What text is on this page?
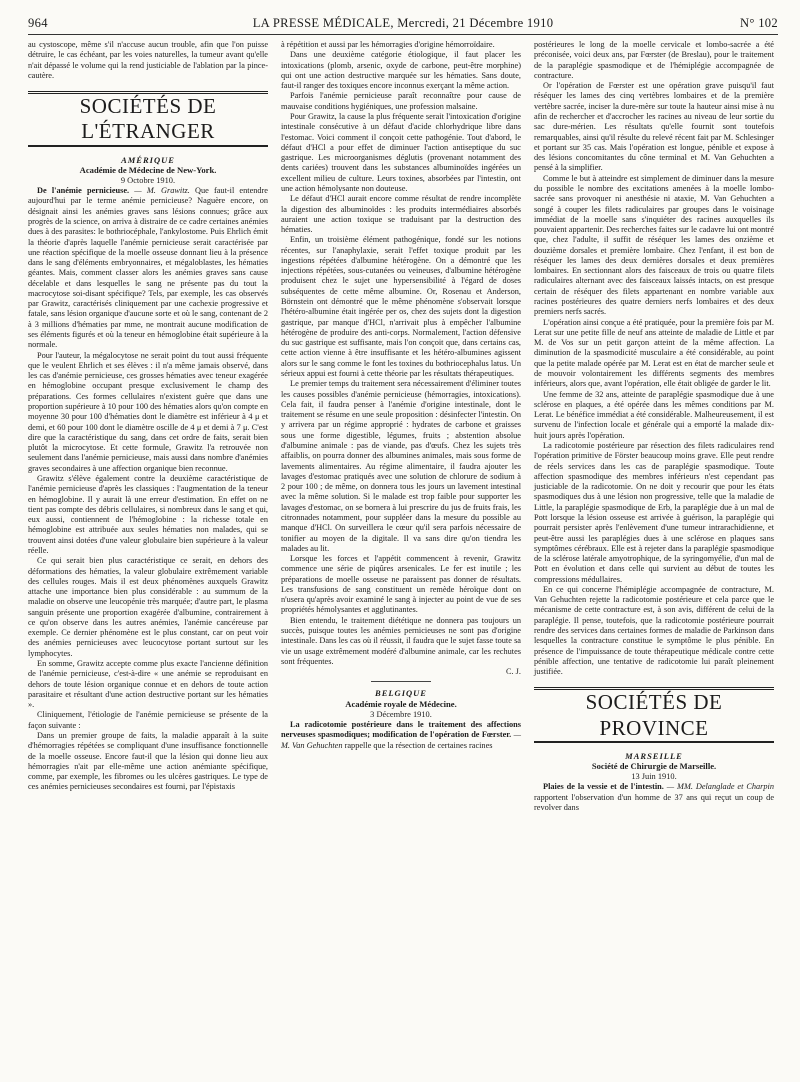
964	LA PRESSE MÉDICALE, Mercredi, 21 Décembre 1910	N° 102

au cystoscope, même s'il n'accuse aucun trouble, afin que l'on puisse détruire, le cas échéant, par les voies naturelles, la tumeur avant qu'elle n'ait dépassé le volume qui la rend justiciable de l'ablation par la pince-cautère.

SOCIÉTÉS DE L'ÉTRANGER

AMÉRIQUE

Académie de Médecine de New-York.

9 Octobre 1910.

De l'anémie pernicieuse. — M. Grawitz. Que faut-il entendre aujourd'hui par le terme anémie pernicieuse? Naguère encore, on désignait ainsi les anémies graves sans lésions connues; grâce aux progrès de la science, on arriva à distraire de ce cadre certaines anémies dues à des parasites: le bothriocéphale, l'ankylostome. Puis Ehrlich émit la théorie d'après laquelle l'anémie pernicieuse serait caractérisée par une réaction spécifique de la moelle osseuse donnant lieu à la présence dans le sang d'éléments embryonnaires, et mégaloblastes, les hématies géantes. Mais, comment classer alors les anémies graves sans cause décelable et dans lesquelles le sang ne présente pas du tout la macrocytose soi-disant spécifique? Tels, par exemple, les cas observés par Grawitz, caractérisés cliniquement par une cachexie progressive et fatale, sans lésion organique d'aucune sorte et où le sang, contenant de 2 à 3 millions d'hématies par mme, ne montrait aucune modification de ses éléments figurés et où la teneur en hémoglobine était supérieure à la normale.

Pour l'auteur, la mégalocytose ne serait point du tout aussi fréquente que le veulent Ehrlich et ses élèves : il n'a même jamais observé, dans les cas d'anémie pernicieuse, ces grosses hématies avec teneur exagérée en hémoglobine occupant presque exclusivement le champ des préparations. Ces formes cellulaires n'existent guère que dans une proportion supérieure à 10 pour 100 des hématies alors qu'on compte en moyenne 30 pour 100 d'hématies dont le diamètre est inférieur à 4 μ et demi, et 60 pour 100 dont le diamètre oscille de 4 μ et demi à 7 μ. C'est dire que la caractéristique du sang, dans cet ordre de faits, serait bien plutôt la microcytose. Et cette formule, Grawitz l'a retrouvée non seulement dans l'anémie pernicieuse, mais aussi dans nombre d'anémies graves secondaires à une affection organique bien reconnue.

Grawitz s'élève également contre la deuxième caractéristique de l'anémie pernicieuse d'après les classiques : l'augmentation de la teneur en hémoglobine. Il y aurait là une erreur d'estimation. En effet on ne tient pas compte des débris cellulaires, si nombreux dans le sang et qui, eux aussi, contiennent de l'hémoglobine : la richesse totale en hémoglobine est attribuée aux seules hématies non malades, qui se trouvent ainsi dotées d'une valeur globulaire bien supérieure à la valeur réelle.

Ce qui serait bien plus caractéristique ce serait, en dehors des déformations des hématies, la valeur globulaire extrêmement variable des cellules rouges. Mais il est deux phénomènes auxquels Grawitz attache une importance bien plus considérable : au summum de la maladie on observe une leucopénie très marquée; d'autre part, le plasma sanguin présente une proportion exagérée d'albumine, contrairement à ce qu'on observe dans les autres anémies, l'anémie cancéreuse par exemple. Ce dernier phénomène est le plus constant, car on peut voir des anémies pernicieuses avec leucocytose portant surtout sur les lymphocytes.

En somme, Grawitz accepte comme plus exacte l'ancienne définition de l'anémie pernicieuse, c'est-à-dire « une anémie se reproduisant en dehors de toute lésion organique connue et en dehors de toute action parasitaire et résultant d'une action destructive portant sur les hématies ».

Cliniquement, l'étiologie de l'anémie pernicieuse se présente de la façon suivante :

Dans un premier groupe de faits, la maladie apparaît à la suite d'hémorragies répétées se compliquant d'une insuffisance fonctionnelle de la moelle osseuse. Encore faut-il que la lésion qui donne lieu aux hémorragies n'ait par elle-même une action anémiante spécifique, comme, par exemple, les fibromes ou les ulcères gastriques. Le type de ces anémies pernicieuses secondaires est fourni, par l'épistaxis

à répétition et aussi par les hémorragies d'origine hémorroïdaire.

Dans une deuxième catégorie étiologique, il faut placer les intoxications (plomb, arsenic, oxyde de carbone, peut-être morphine) qui ont une action destructive marquée sur les hématies. Sans doute, faut-il ranger des toxiques encore inconnus exerçant la même action.

Parfois l'anémie pernicieuse paraît reconnaître pour cause de mauvaise conditions hygiéniques, une profession malsaine.

Pour Grawitz, la cause la plus fréquente serait l'intoxication d'origine intestinale consécutive à un défaut d'acide chlorhydrique libre dans l'estomac. Voici comment il conçoit cette pathogénie. Tout d'abord, le défaut d'HCl a pour effet de diminuer l'action antiseptique du suc gastrique. Les microorganismes déglutis (provenant notamment des dents cariées) trouvent dans les substances albuminoïdes ingérées un excellent milieu de culture. Leurs toxines, absorbées par l'intestin, ont une action hémolysante non douteuse.

Le défaut d'HCl aurait encore comme résultat de rendre incomplète la digestion des albuminoïdes : les produits intermédiaires absorbés auraient une action toxique se traduisant par la destruction des hématies.

Enfin, un troisième élément pathogénique, fondé sur les notions récentes, sur l'anaphylaxie, serait l'effet toxique produit par les ingestions répétées d'albumine hétérogène. On a démontré que les injections répétées, sous-cutanées ou veineuses, d'albumine hétérogène produisent chez le sujet une hypersensibilité à l'égard de doses subséquentes de cette même albumine. Or, Rosenau et Anderson, Börnstein ont démontré que le même phénomène s'observait lorsque l'hétéro-albumine était ingérée per os, chez des sujets dont la digestion gastrique, par manque d'HCl, n'arrivait plus à empêcher l'albumine hétérogène de produire des anti-corps. Normalement, l'action défensive du suc gastrique est suffisante, mais l'on conçoit que, dans certains cas, cette action vienne à être insuffisante et les hétéro-albumines agissent alors sur le sang comme le font les toxines du bothriocephalus latus. Un sérieux appui est fourni à cette théorie par les résultats thérapeutiques.

Le premier temps du traitement sera nécessairement d'éliminer toutes les causes possibles d'anémie pernicieuse (hémorragies, intoxications). Cela fait, il faudra penser à l'anémie d'origine intestinale, dont le traitement se résume en une seule proposition : désinfecter l'intestin. On y arrivera par un régime approprié : hydrates de carbone et graisses sous une forme digestible, légumes, fruits ; abstention absolue d'albumine animale : pas de viande, pas d'œufs. Chez les sujets très affaiblis, on pourra donner des albumines animales, mais sous forme de lavements alimentaires. Au régime alimentaire, il faudra ajouter les lavages d'estomac pratiqués avec une solution de chlorure de sodium à 2 pour 100 ; de même, on donnera tous les jours un lavement intestinal avec la même solution. Si le malade est trop faible pour supporter les lavages d'estomac, on se bornera à lui prescrire du jus de fruits frais, les citronnades notamment, pour suppléer dans la mesure du possible au manque d'HCl. On surveillera le cœur qu'il sera parfois nécessaire de tonifier au moyen de la digitale. Il va sans dire qu'on tiendra les malades au lit.

Lorsque les forces et l'appétit commencent à revenir, Grawitz commence une série de piqûres arsenicales. Le fer est inutile ; les préparations de moelle osseuse ne paraissent pas donner de résultats. Les transfusions de sang constituent un remède héroïque dont on n'userа qu'après avoir examiné le sang à injecter au point de vue de ses propriétés hémolysantes et agglutinantes.

Bien entendu, le traitement diététique ne donnera pas toujours un succès, puisque toutes les anémies pernicieuses ne sont pas d'origine intestinale. Dans les cas où il réussit, il faudra que le sujet fasse toute sa vie un usage extrêmement modéré d'albumine animale, car les rechutes sont fréquentes.

C. J.

BELGIQUE

Académie royale de Médecine.

3 Décembre 1910.

La radicotomie postérieure dans le traitement des affections nerveuses spasmodiques; modification de l'opération de Fœrster. — M. Van Gehuchten rappelle que la résection de certaines racines

postérieures le long de la moelle cervicale et lombo-sacrée a été préconisée, voici deux ans, par Fœrster (de Breslau), pour le traitement de la paraplégie spasmodique et de l'hémiplégie accompagnée de contracture.

Or l'opération de Fœrster est une opération grave puisqu'il faut réséquer les lames des cinq vertèbres lombaires et de la première vertèbre sacrée, inciser la dure-mère sur toute la hauteur ainsi mise à nu afin de rechercher et d'accrocher les racines au niveau de leur sortie du sac dure-mérien. Les résultats qu'elle fournit sont toutefois remarquables, ainsi qu'il résulte du relevé récent fait par M. Schlesinger et portant sur 35 cas. Mais l'opération est longue, pénible et expose à des lésions concomitantes du cône terminal et M. Van Gehuchten a pensé à la simplifier.

Comme le but à atteindre est simplement de diminuer dans la mesure du possible le nombre des excitations amenées à la moelle lombo-sacrée sans provoquer ni anesthésie ni ataxie, M. Van Gehuchten a songé à couper les filets radiculaires par groupes dans le voisinage immédiat de la moelle sans s'inquiéter des racines auxquelles ils pouvaient appartenir. Des recherches faites sur le cadavre lui ont montré que, chez l'adulte, il suffit de réséquer les lames des onzième et douzième dorsales et première lombaire. Chez l'enfant, il est bon de réséquer les lames des deux dernières dorsales et deux premières lombaires. En sectionnant alors des faisceaux de trois ou quatre filets radiculaires alternant avec des faisceaux laissés intacts, on est presque certain de réséquer des filets appartenant en nombre variable aux racines postérieures des quatre derniers nerfs lombaires et des deux premiers nerfs sacrés.

L'opération ainsi conçue a été pratiquée, pour la première fois par M. Lerat sur une petite fille de neuf ans atteinte de maladie de Little et par M. de Vos sur un petit garçon atteint de la même affection. La diminution de la spasmodicité musculaire a été considérable, au point que la petite malade opérée par M. Lerat est en état de marcher seule et de mouvoir volontairement les différents segments des membres inférieurs, alors que, avant l'opération, elle était obligée de garder le lit.

Une femme de 32 ans, atteinte de paraplégie spasmodique due à une sclérose en plaques, a été opérée dans les mêmes conditions par M. Lerat. Le bénéfice immédiat a été considérable. Malheureusement, il est survenu de l'infection locale et générale qui a emporté la malade dix-huit jours après l'opération.

La radicotomie postérieure par résection des filets radiculaires rend l'opération primitive de Förster beaucoup moins grave. Elle peut rendre de réels services dans les cas de paraplégie spasmodique. Toute affection spasmodique des membres inférieurs n'est cependant pas justiciable de la radicotomie. On ne doit y recourir que pour les états spasmodiques dus à une lésion non progressive, telle que la maladie de Little, la paraplégie spasmodique de Erb, la paraplégie due à un mal de Pott lorsque la lésion osseuse est arrivée à guérison, la paraplégie qui pourrait persister après l'enlèvement d'une tumeur intrarachidienne, et peut-être aussi les paraplégies dues à une sclérose en plaques sans symptômes cérébraux. Elle est à rejeter dans la paraplégie spasmodique de la sclérose latérale amyotrophique, de la syringomyélie, d'un mal de Pott en évolution et dans celle qui survient au début de toutes les compressions médullaires.

En ce qui concerne l'hémiplégie accompagnée de contracture, M. Van Gehuchten rejette la radicotomie postérieure et cela parce que le mécanisme de cette contracture est, à son avis, différent de celui de la paraplégie. Il pense, toutefois, que la radicotomie postérieure pourrait rendre des services dans certaines formes de maladie de Parkinson dans lesquelles la contracture constitue le symptôme le plus pénible. En présence de l'impuissance de toute thérapeutique médicale contre cette pénible affection, une tentative de radicotomie lui paraît pleinement justifiée.

SOCIÉTÉS DE PROVINCE

MARSEILLE

Société de Chirurgie de Marseille.

13 Juin 1910.

Plaies de la vessie et de l'intestin. — MM. Delanglade et Charpin rapportent l'observation d'un homme de 37 ans qui reçut un coup de revolver dans
